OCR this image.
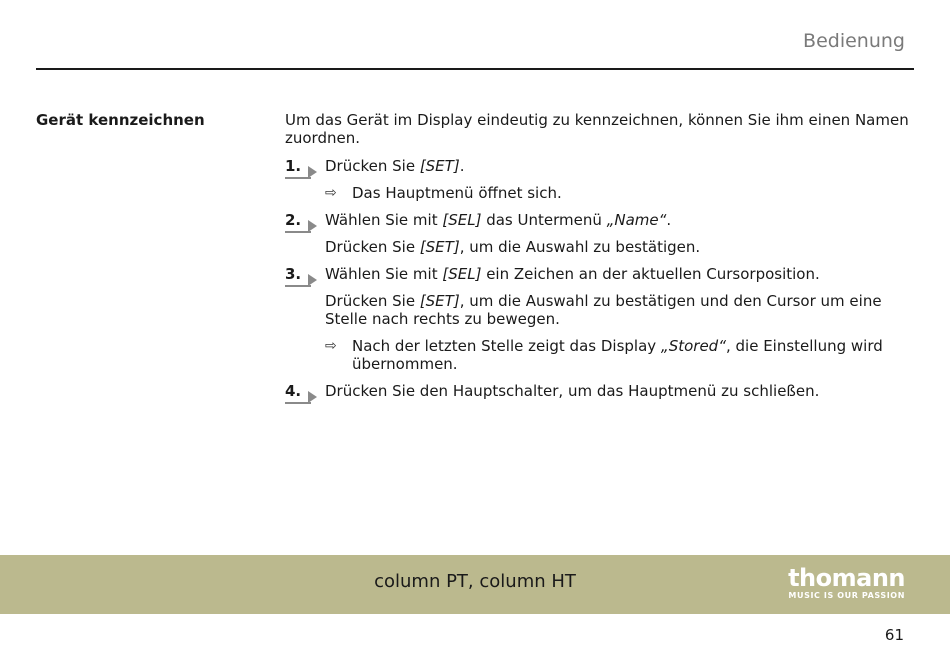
Bedienung
Gerät kennzeichnen	Um das Gerät im Display eindeutig zu kennzeichnen, können Sie ihm einen Namen zuordnen.

1.	Drücken Sie [SET].

⇨ Das Hauptmenü öffnet sich.

2.	Wählen Sie mit [SEL] das Untermenü „Name“.

Drücken Sie [SET], um die Auswahl zu bestätigen.

3.	Wählen Sie mit [SEL] ein Zeichen an der aktuellen Cursorposition.

Drücken Sie [SET], um die Auswahl zu bestätigen und den Cursor um eine Stelle nach rechts zu bewegen.

⇨ Nach der letzten Stelle zeigt das Display „Stored“, die Einstellung wird übernommen.

4.	Drücken Sie den Hauptschalter, um das Hauptmenü zu schließen.

column PT, column HT	thomann
MUSIC IS OUR PASSION
61
